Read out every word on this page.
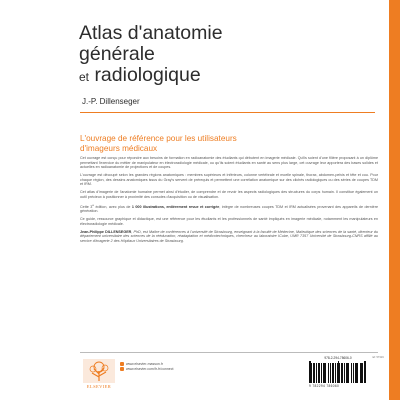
Atlas d'anatomie
générale
et radiologique
J.-P. Dillenseger
L'ouvrage de référence pour les utilisateurs
d'imageurs médicaux

Cet ouvrage est conçu pour répondre aux besoins de formation en radioanatomie des étudiants qui débutent en imagerie médicale. Qu'ils soient d'une filière proposant à un diplôme permettant l'exercice du métier de manipulateur en électroradiologie médicale, ou qu'ils soient étudiants en santé au sens plus large, cet ouvrage leur apportera des bases solides et actuelles en radioanatomie de projections et de coupes.

L'ouvrage est découpé selon les grandes régions anatomiques : membres supérieurs et inférieurs, colonne vertébrale et moelle spinale, thorax, abdomen-pelvis et tête et cou. Pour chaque région, des dessins anatomiques issus du Gray's servent de prérequis et permettent une corrélation anatomique sur des clichés radiologiques ou des séries de coupes TDM et IRM.

Cet atlas d'imagerie de l'anatomie humaine permet ainsi d'étudier, de comprendre et de revoir les aspects radiologiques des structures du corps humain. Il constitue également un outil précieux à positionner à proximité des consoles d'acquisition ou de visualisation.

Cette 3e édition, avec plus de 1 000 illustrations, entièrement revue et corrigée, intègre de nombreuses coupes TDM et IRM actualisées provenant des appareils de dernière génération.

Ce guide, ressource graphique et didactique, est une référence pour les étudiants et les professionnels de santé impliqués en imagerie médicale, notamment les manipulateurs en électroradiologie médicale.

Jean-Philippe DILLENSEGER, PhD, est Maître de conférences à l'université de Strasbourg, enseignant à la faculté de Médecine, Maïeutique des sciences de la santé, directeur du département universitaire des sciences de la rééducation, réadaptation et médicotechniques, chercheur au laboratoire ICube, UMR 7357 Université de Strasbourg-CNRS affilié au service d'imagerie 2 des Hôpitaux Universitaires de Strasbourg.

ELSEVIER
www.elsevier-masson.fr
www.elsevier.com/fr-fr/connect
978-2-294-78606-0
9 782294 786060
ref: 57319
